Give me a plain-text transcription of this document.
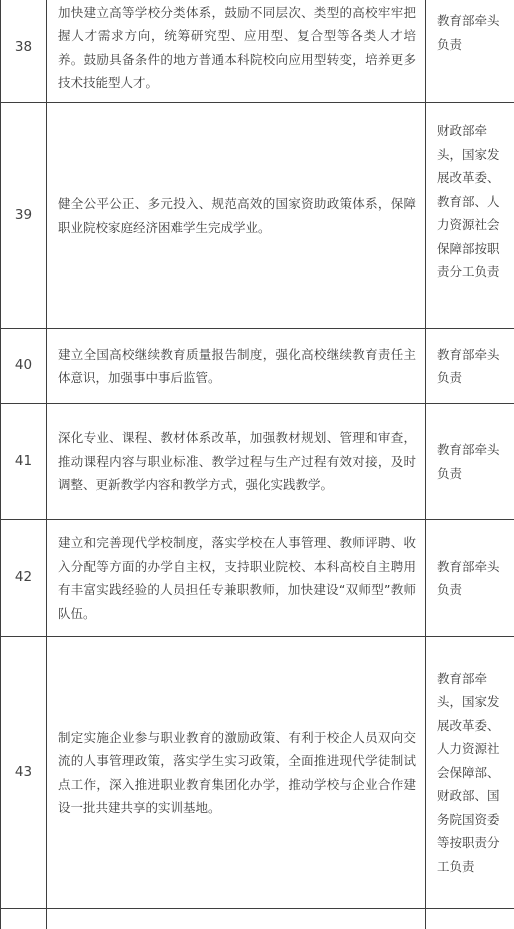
38	加快建立高等学校分类体系，鼓励不同层次、类型的高校牢牢把握人才需求方向，统筹研究型、应用型、复合型等各类人才培养。鼓励具备条件的地方普通本科院校向应用型转变，培养更多技术技能型人才。	教育部牵头负责

39	健全公平公正、多元投入、规范高效的国家资助政策体系，保障职业院校家庭经济困难学生完成学业。	财政部牵头，国家发展改革委、教育部、人力资源社会保障部按职责分工负责

40	建立全国高校继续教育质量报告制度，强化高校继续教育责任主体意识，加强事中事后监管。	教育部牵头负责

41	深化专业、课程、教材体系改革，加强教材规划、管理和审查，推动课程内容与职业标准、教学过程与生产过程有效对接，及时调整、更新教学内容和教学方式，强化实践教学。	教育部牵头负责

42	建立和完善现代学校制度，落实学校在人事管理、教师评聘、收入分配等方面的办学自主权，支持职业院校、本科高校自主聘用有丰富实践经验的人员担任专兼职教师，加快建设“双师型”教师队伍。	教育部牵头负责

43	制定实施企业参与职业教育的激励政策、有利于校企人员双向交流的人事管理政策，落实学生实习政策，全面推进现代学徒制试点工作，深入推进职业教育集团化办学，推动学校与企业合作建设一批共建共享的实训基地。	教育部牵头，国家发展改革委、人力资源社会保障部、财政部、国务院国资委等按职责分工负责
